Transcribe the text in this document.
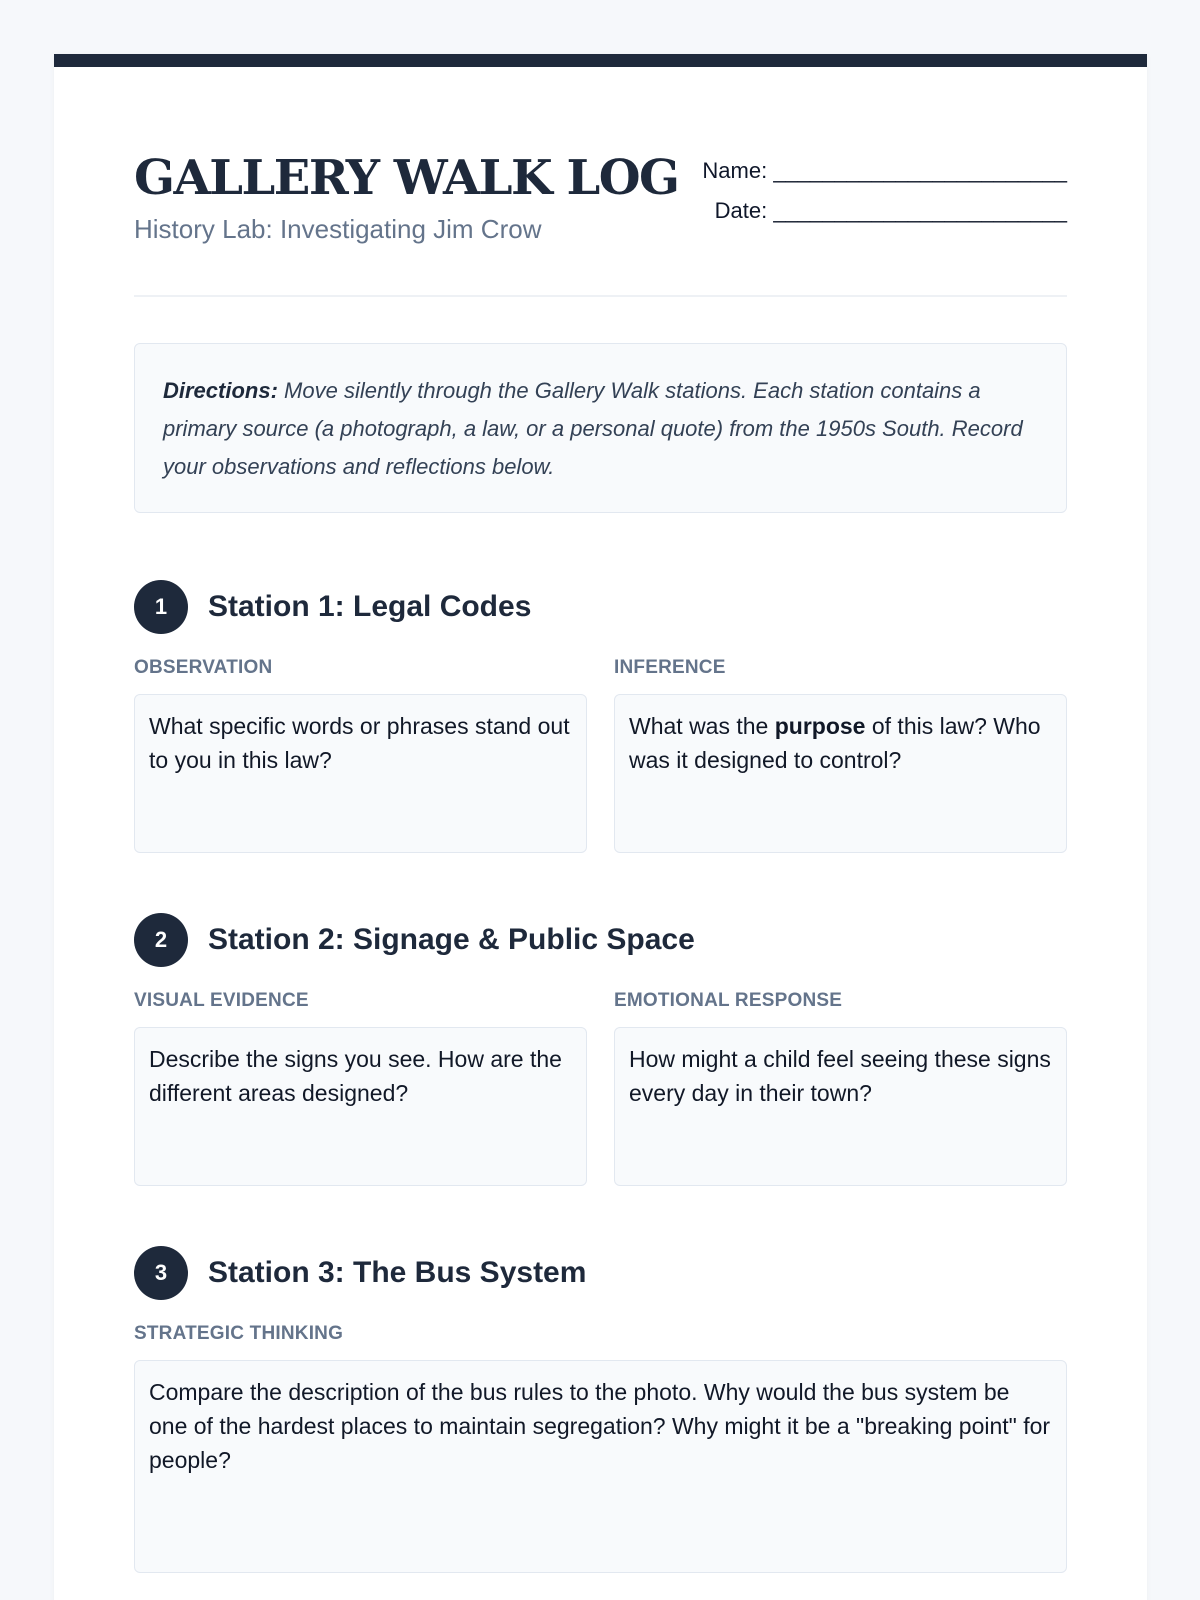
GALLERY WALK LOG
History Lab: Investigating Jim Crow
Name: ________________________
Date: ________________________
Directions: Move silently through the Gallery Walk stations. Each station contains a primary source (a photograph, a law, or a personal quote) from the 1950s South. Record your observations and reflections below.
1	Station 1: Legal Codes
OBSERVATION
What specific words or phrases stand out to you in this law?
INFERENCE
What was the purpose of this law? Who was it designed to control?
2	Station 2: Signage & Public Space
VISUAL EVIDENCE
Describe the signs you see. How are the different areas designed?
EMOTIONAL RESPONSE
How might a child feel seeing these signs every day in their town?
3	Station 3: The Bus System
STRATEGIC THINKING
Compare the description of the bus rules to the photo. Why would the bus system be one of the hardest places to maintain segregation? Why might it be a "breaking point" for people?
